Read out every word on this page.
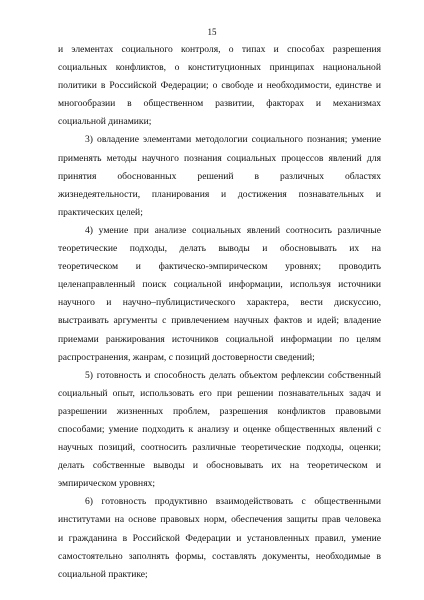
15
и элементах социального контроля, о типах и способах разрешения
социальных конфликтов, о конституционных принципах национальной
политики в Российской Федерации; о свободе и необходимости, единстве и
многообразии в общественном развитии, факторах и механизмах
социальной динамики;
3) овладение элементами методологии социального познания; умение
применять методы научного познания социальных процессов явлений для
принятия обоснованных решений в различных областях
жизнедеятельности, планирования и достижения познавательных и
практических целей;
4) умение при анализе социальных явлений соотносить различные
теоретические подходы, делать выводы и обосновывать их на
теоретическом и фактическо-эмпирическом уровнях; проводить
целенаправленный поиск социальной информации, используя источники
научного и научно–публицистического характера, вести дискуссию,
выстраивать аргументы с привлечением научных фактов и идей; владение
приемами ранжирования источников социальной информации по целям
распространения, жанрам, с позиций достоверности сведений;
5) готовность и способность делать объектом рефлексии собственный
социальный опыт, использовать его при решении познавательных задач и
разрешении жизненных проблем, разрешения конфликтов правовыми
способами; умение подходить к анализу и оценке общественных явлений с
научных позиций, соотносить различные теоретические подходы, оценки;
делать собственные выводы и обосновывать их на теоретическом и
эмпирическом уровнях;
6) готовность продуктивно взаимодействовать с общественными
институтами на основе правовых норм, обеспечения защиты прав человека
и гражданина в Российской Федерации и установленных правил, умение
самостоятельно заполнять формы, составлять документы, необходимые в
социальной практике;
